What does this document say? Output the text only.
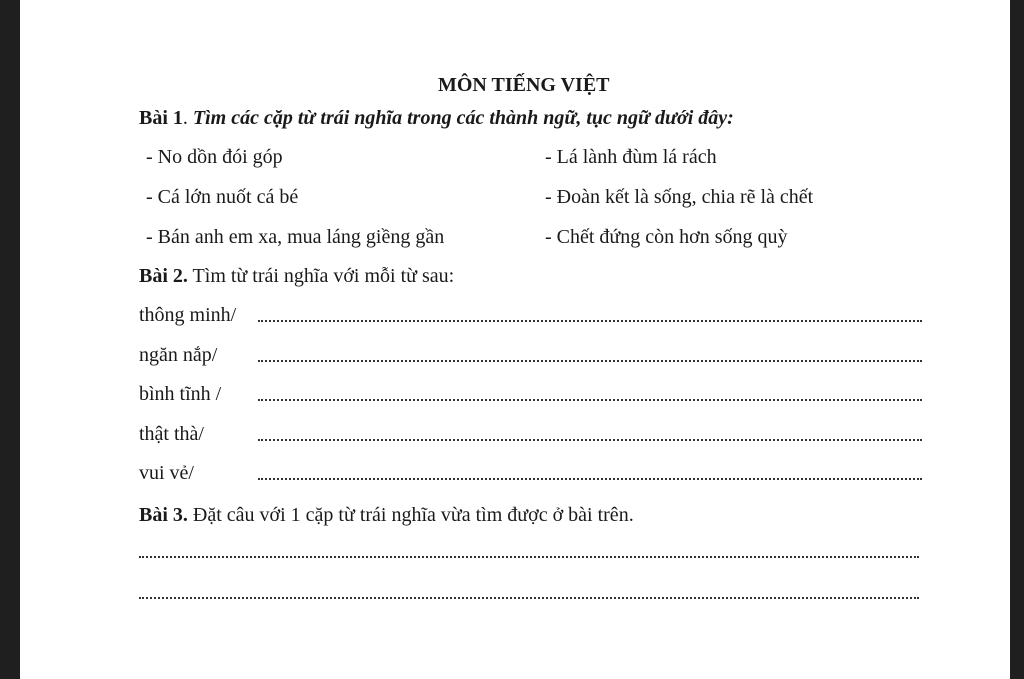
MÔN TIẾNG VIỆT
Bài 1. Tìm các cặp từ trái nghĩa trong các thành ngữ, tục ngữ dưới đây:
- No dồn đói góp
- Cá lớn nuốt cá bé
- Bán anh em xa, mua láng giềng gần
- Lá lành đùm lá rách
- Đoàn kết là sống, chia rẽ là chết
- Chết đứng còn hơn sống quỳ
Bài 2. Tìm từ trái nghĩa với mỗi từ sau:
thông minh/
ngăn nắp/
bình tĩnh /
thật thà/
vui vẻ/
Bài 3. Đặt câu với 1 cặp từ trái nghĩa vừa tìm được ở bài trên.
